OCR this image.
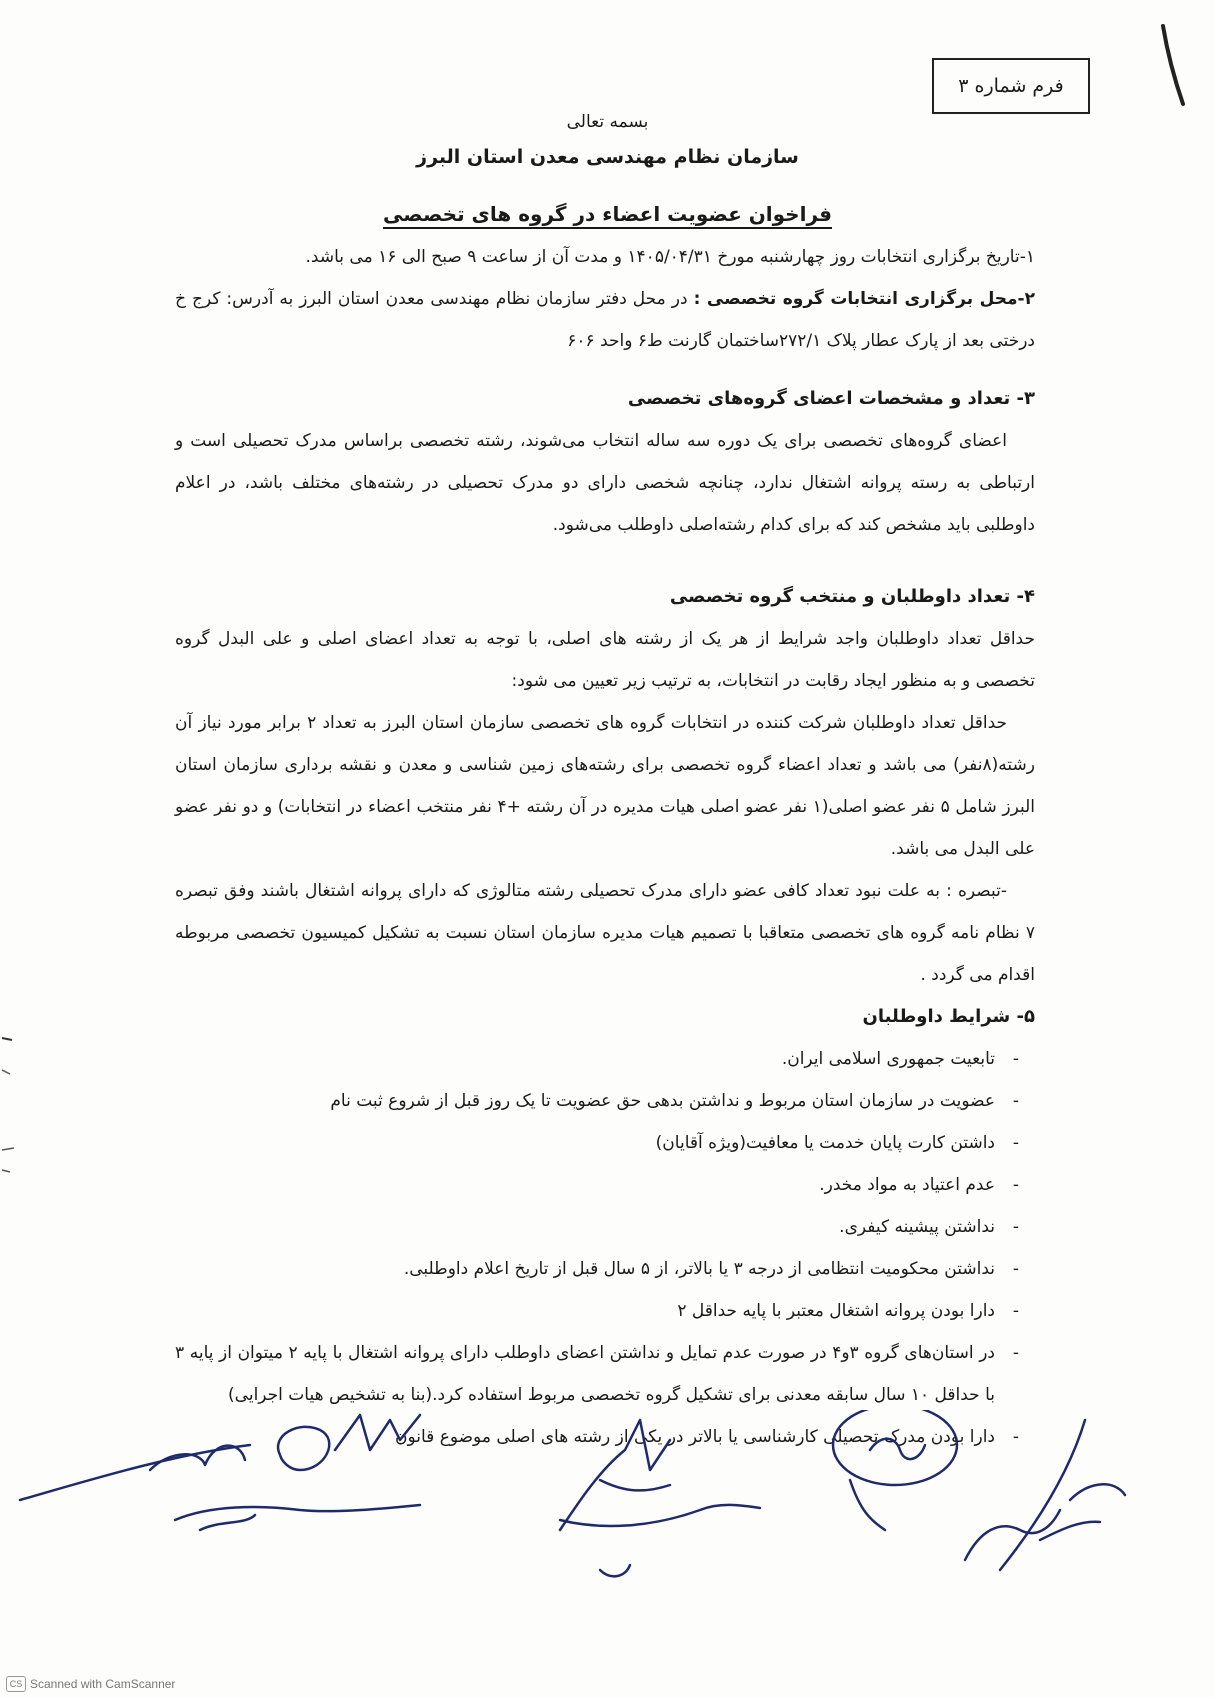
فرم شماره ۳
بسمه تعالی
سازمان نظام مهندسی معدن استان البرز
فراخوان عضویت اعضاء در گروه های تخصصی

۱-تاریخ برگزاری انتخابات روز چهارشنبه مورخ ۱۴۰۵/۰۴/۳۱ و مدت آن از ساعت ۹ صبح الی ۱۶ می باشد.

۲-محل برگزاری انتخابات گروه تخصصی : در محل دفتر سازمان نظام مهندسی معدن استان البرز به آدرس: کرج خ درختی بعد از پارک عطار پلاک ۲۷۲/۱ساختمان گارنت ط۶ واحد ۶۰۶

۳- تعداد و مشخصات اعضای گروه‌های تخصصی

اعضای گروه‌های تخصصی برای یک دوره سه ساله انتخاب می‌شوند، رشته تخصصی براساس مدرک تحصیلی است و ارتباطی به رسته پروانه اشتغال ندارد، چنانچه شخصی دارای دو مدرک تحصیلی در رشته‌های مختلف باشد، در اعلام داوطلبی باید مشخص کند که برای کدام رشته‌اصلی داوطلب می‌شود.

۴- تعداد داوطلبان و منتخب گروه تخصصی

حداقل تعداد داوطلبان واجد شرایط از هر یک از رشته های اصلی، با توجه به تعداد اعضای اصلی و علی البدل گروه تخصصی و به منظور ایجاد رقابت در انتخابات، به ترتیب زیر تعیین می شود:

حداقل تعداد داوطلبان شرکت کننده در انتخابات گروه های تخصصی سازمان استان البرز به تعداد ۲ برابر مورد نیاز آن رشته(۸نفر) می باشد و تعداد اعضاء گروه تخصصی برای رشته‌های زمین شناسی و معدن و نقشه برداری سازمان استان البرز شامل ۵ نفر عضو اصلی(۱ نفر عضو اصلی هیات مدیره در آن رشته +۴ نفر منتخب اعضاء در انتخابات) و دو نفر عضو علی البدل می باشد.

-تبصره : به علت نبود تعداد کافی عضو دارای مدرک تحصیلی رشته متالوژی که دارای پروانه اشتغال باشند وفق تبصره ۷ نظام نامه گروه های تخصصی متعاقبا با تصمیم هیات مدیره سازمان استان نسبت به تشکیل کمیسیون تخصصی مربوطه اقدام می گردد .

۵- شرایط داوطلبان

- تابعیت جمهوری اسلامی ایران.
- عضویت در سازمان استان مربوط و نداشتن بدهی حق عضویت تا یک روز قبل از شروع ثبت نام
- داشتن کارت پایان خدمت یا معافیت(ویژه آقایان)
- عدم اعتیاد به مواد مخدر.
- نداشتن پیشینه کیفری.
- نداشتن محکومیت انتظامی از درجه ۳ یا بالاتر، از ۵ سال قبل از تاریخ اعلام داوطلبی.
- دارا بودن پروانه اشتغال معتبر با پایه حداقل ۲
- در استان‌های گروه ۳و۴ در صورت عدم تمایل و نداشتن اعضای داوطلب دارای پروانه اشتغال با پایه ۲ میتوان از پایه ۳ با حداقل ۱۰ سال سابقه معدنی برای تشکیل گروه تخصصی مربوط استفاده کرد.(بنا به تشخیص هیات اجرایی)
- دارا بودن مدرک تحصیلی کارشناسی یا بالاتر در یکی از رشته های اصلی موضوع قانون
CS Scanned with CamScanner
